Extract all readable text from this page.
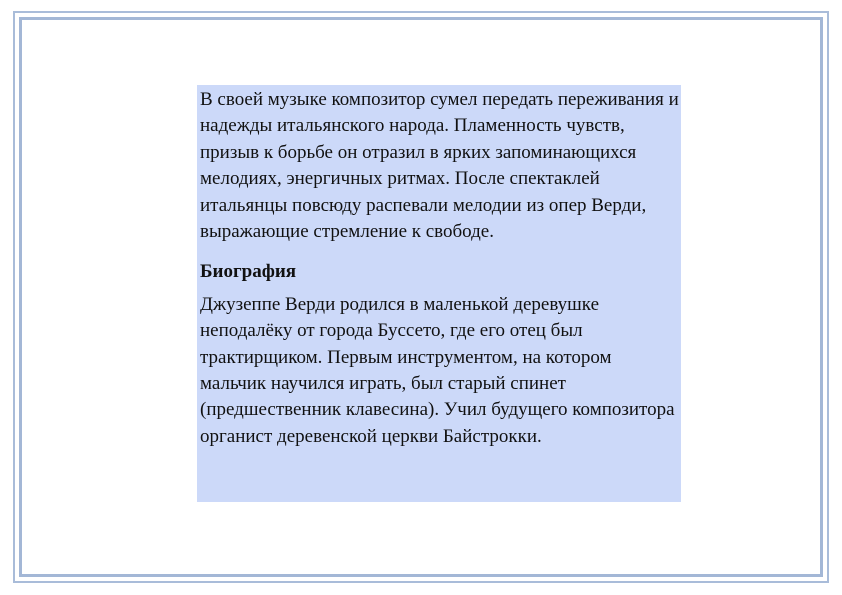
В своей музыке композитор сумел передать переживания и надежды итальянского народа. Пламенность чувств, призыв к борьбе он отразил в ярких запоминающихся мелодиях, энергичных ритмах. После спектаклей итальянцы повсюду распевали мелодии из опер Верди, выражающие стремление к свободе.

Биография

Джузеппе Верди родился в маленькой деревушке неподалёку от города Буссето, где его отец был трактирщиком. Первым инструментом, на котором мальчик научился играть, был старый спинет (предшественник клавесина). Учил будущего композитора органист деревенской церкви Байстрокки.
